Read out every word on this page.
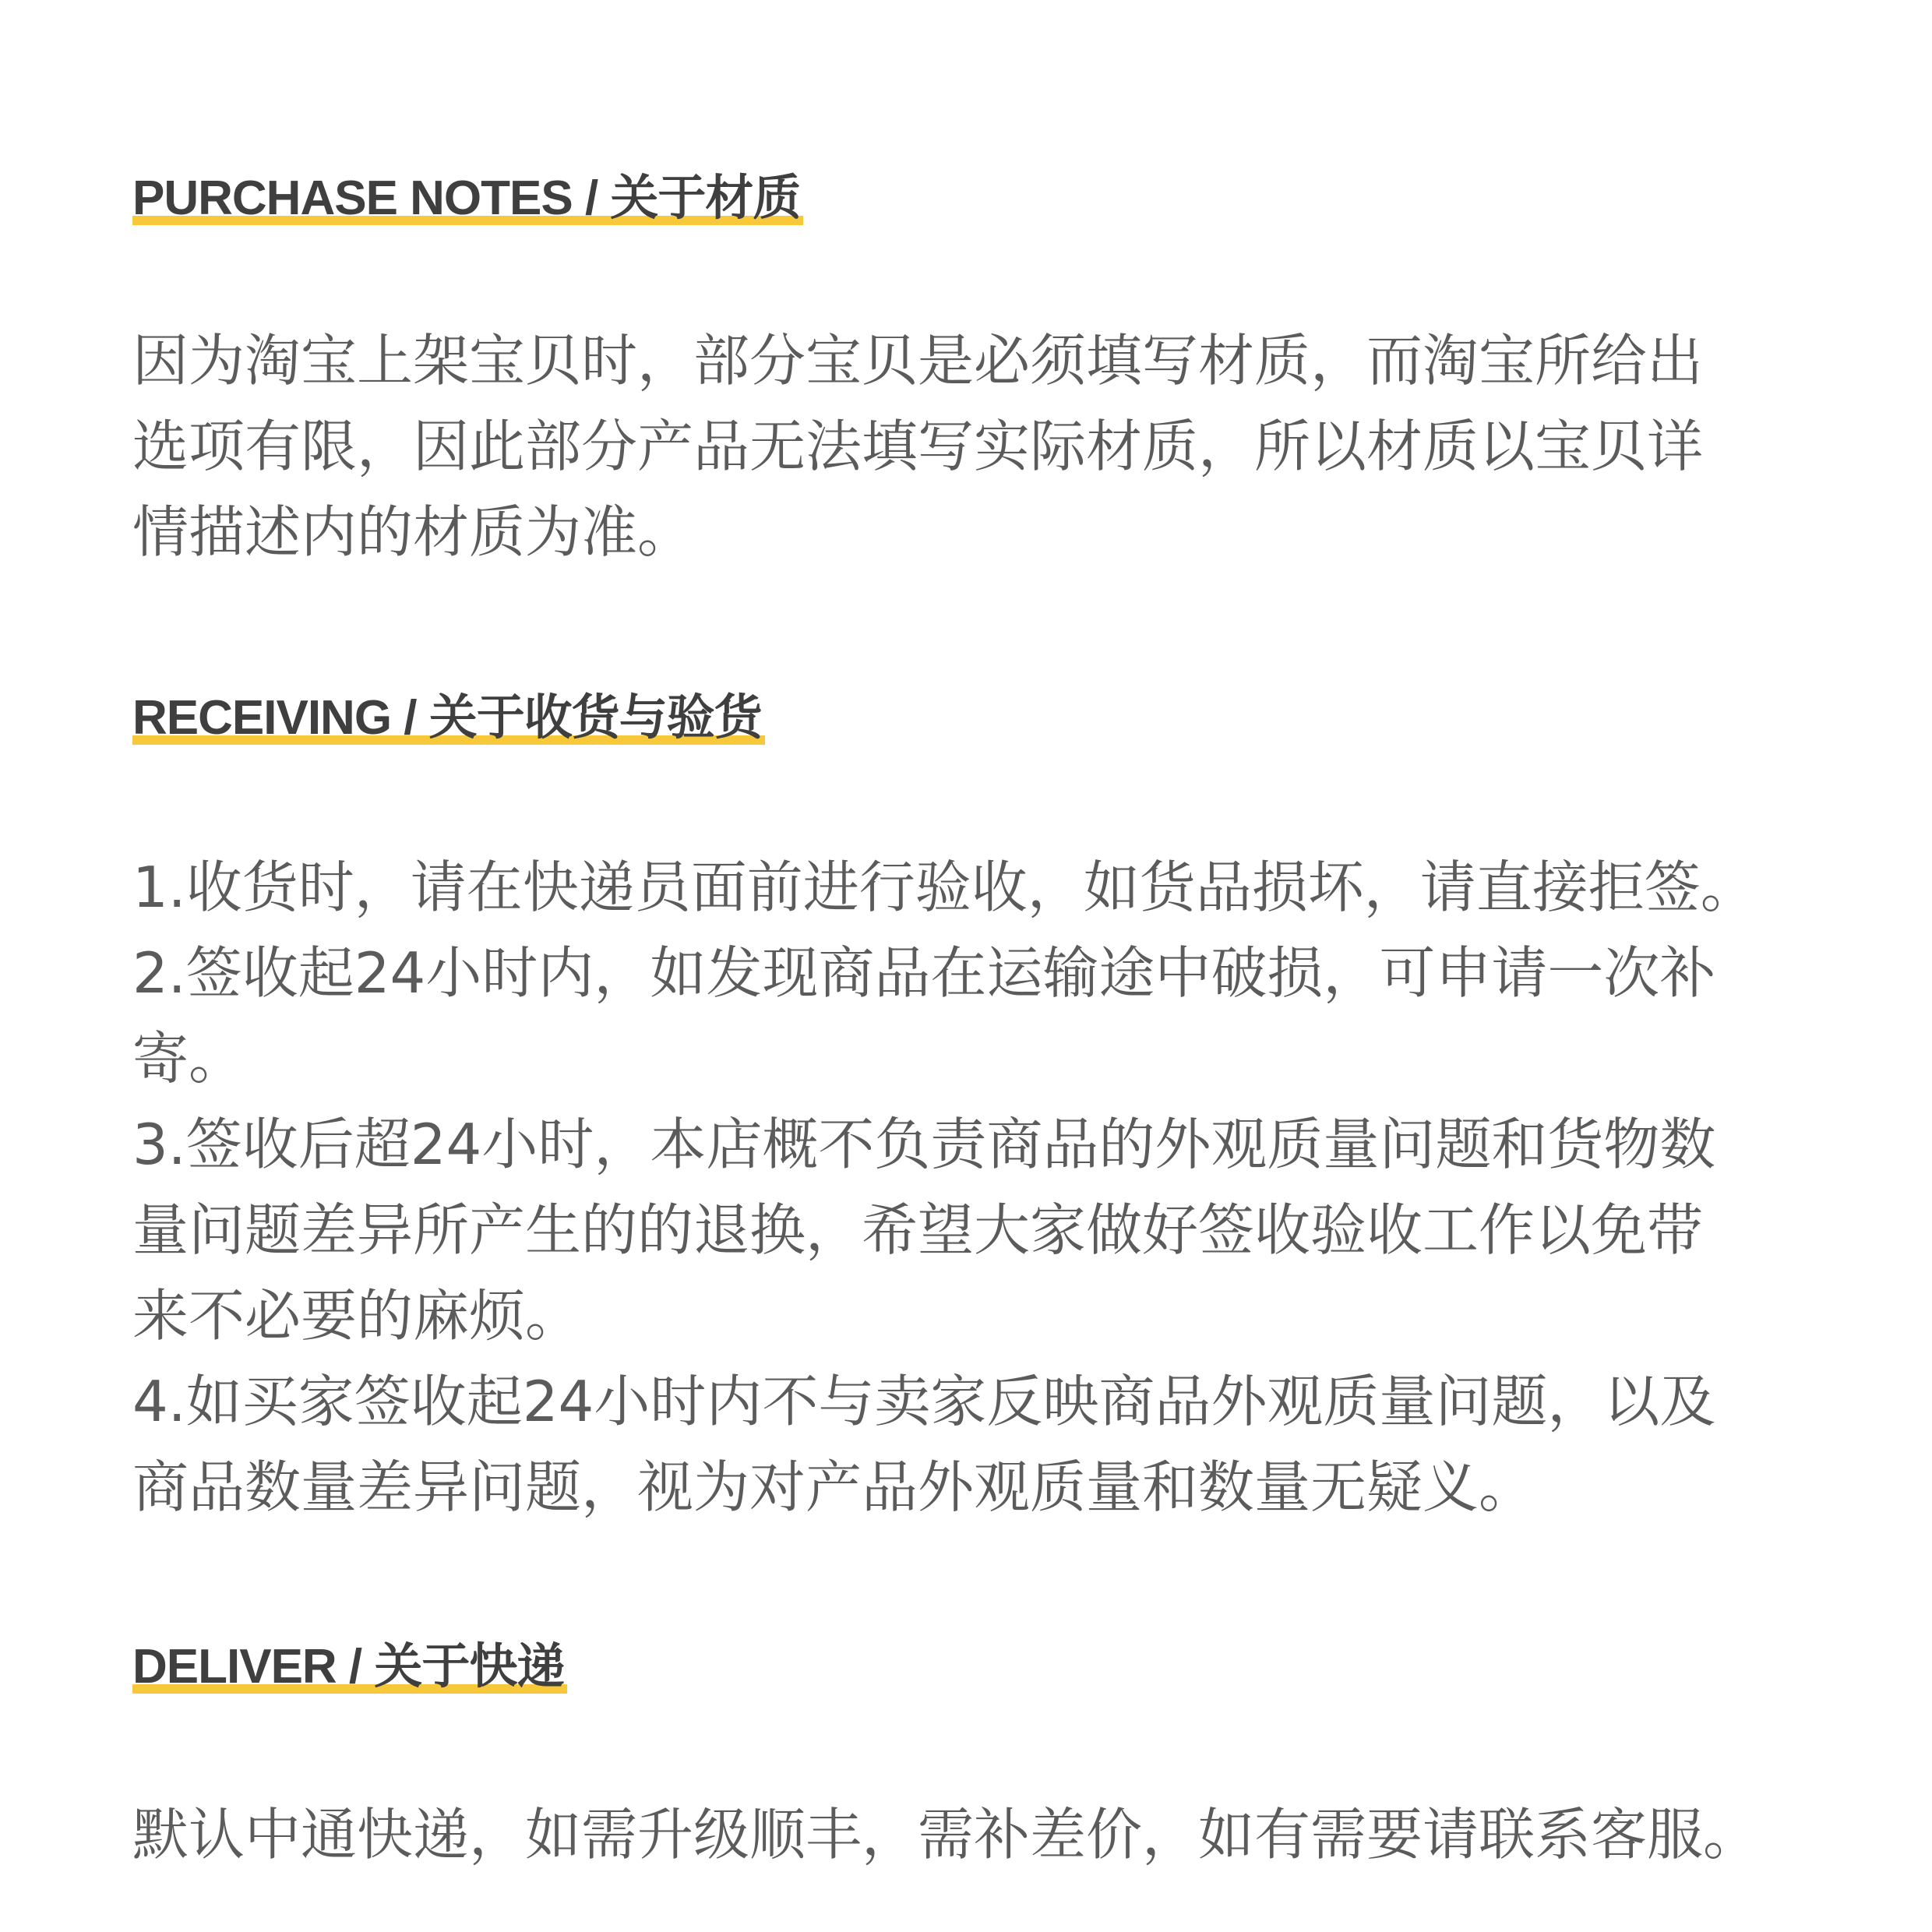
PURCHASE NOTES / 关于材质

因为淘宝上架宝贝时，部分宝贝是必须填写材质，而淘宝所给出
选项有限，因此部分产品无法填写实际材质，所以材质以宝贝详
情描述内的材质为准。

RECEIVING / 关于收货与验货

1.收货时，请在快递员面前进行验收，如货品损坏，请直接拒签。
2.签收起24小时内，如发现商品在运输途中破损，可申请一次补
寄。
3.签收后超24小时，本店概不负责商品的外观质量问题和货物数
量问题差异所产生的的退换，希望大家做好签收验收工作以免带
来不必要的麻烦。
4.如买家签收起24小时内不与卖家反映商品外观质量问题，以及
商品数量差异问题，视为对产品外观质量和数量无疑义。

DELIVER / 关于快递

默认中通快递，如需升级顺丰，需补差价，如有需要请联系客服。
